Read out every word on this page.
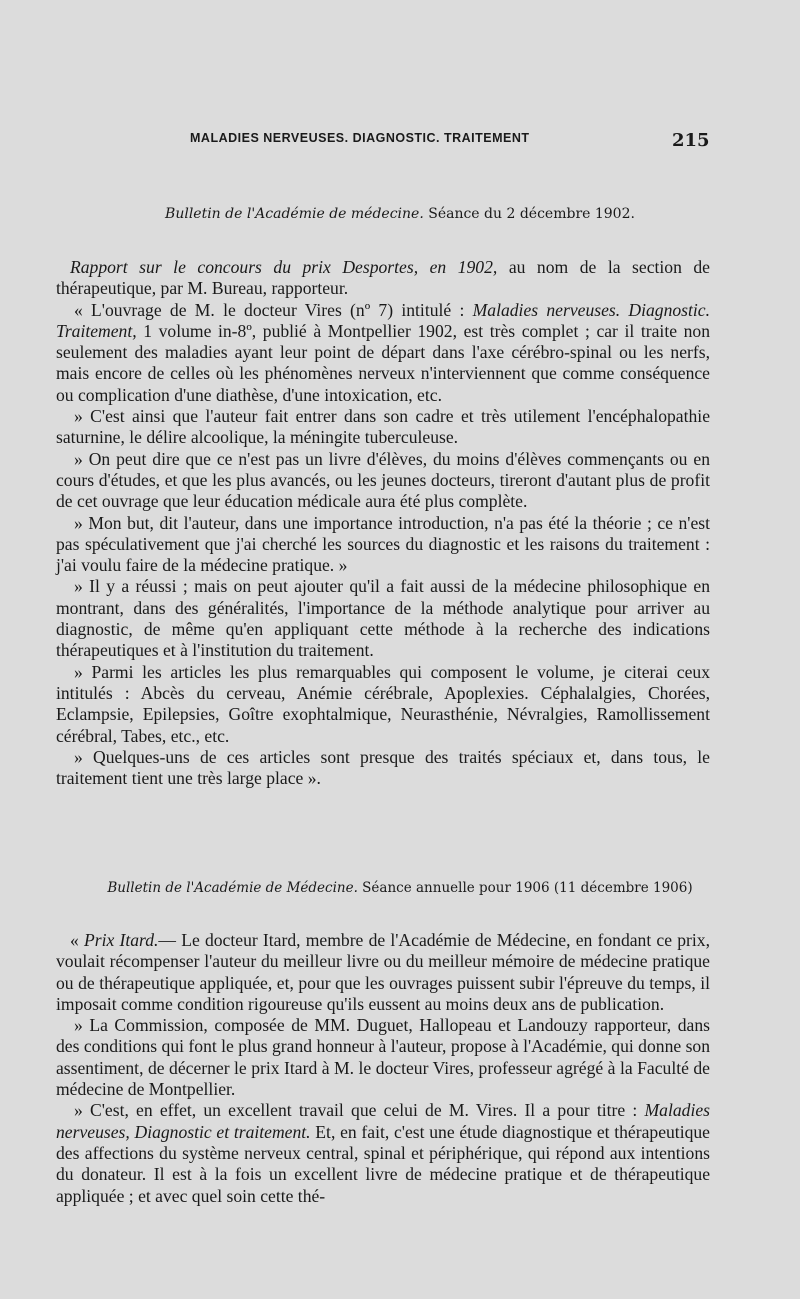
MALADIES NERVEUSES. DIAGNOSTIC. TRAITEMENT	215
Bulletin de l'Académie de médecine. Séance du 2 décembre 1902.

Rapport sur le concours du prix Desportes, en 1902, au nom de la section de thérapeutique, par M. Bureau, rapporteur.

« L'ouvrage de M. le docteur Vires (nº 7) intitulé : Maladies nerveuses. Diagnostic. Traitement, 1 volume in-8º, publié à Montpellier 1902, est très complet ; car il traite non seulement des maladies ayant leur point de départ dans l'axe cérébro-spinal ou les nerfs, mais encore de celles où les phénomènes nerveux n'interviennent que comme conséquence ou complication d'une diathèse, d'une intoxication, etc.

» C'est ainsi que l'auteur fait entrer dans son cadre et très utilement l'encéphalopathie saturnine, le délire alcoolique, la méningite tuberculeuse.

» On peut dire que ce n'est pas un livre d'élèves, du moins d'élèves commençants ou en cours d'études, et que les plus avancés, ou les jeunes docteurs, tireront d'autant plus de profit de cet ouvrage que leur éducation médicale aura été plus complète.

» Mon but, dit l'auteur, dans une importance introduction, n'a pas été la théorie ; ce n'est pas spéculativement que j'ai cherché les sources du diagnostic et les raisons du traitement : j'ai voulu faire de la médecine pratique. »

» Il y a réussi ; mais on peut ajouter qu'il a fait aussi de la médecine philosophique en montrant, dans des généralités, l'importance de la méthode analytique pour arriver au diagnostic, de même qu'en appliquant cette méthode à la recherche des indications thérapeutiques et à l'institution du traitement.

» Parmi les articles les plus remarquables qui composent le volume, je citerai ceux intitulés : Abcès du cerveau, Anémie cérébrale, Apoplexies. Céphalalgies, Chorées, Eclampsie, Epilepsies, Goître exophtalmique, Neurasthénie, Névralgies, Ramollissement cérébral, Tabes, etc., etc.

» Quelques-uns de ces articles sont presque des traités spéciaux et, dans tous, le traitement tient une très large place ».

Bulletin de l'Académie de Médecine. Séance annuelle pour 1906 (11 décembre 1906)

« Prix Itard.— Le docteur Itard, membre de l'Académie de Médecine, en fondant ce prix, voulait récompenser l'auteur du meilleur livre ou du meilleur mémoire de médecine pratique ou de thérapeutique appliquée, et, pour que les ouvrages puissent subir l'épreuve du temps, il imposait comme condition rigoureuse qu'ils eussent au moins deux ans de publication.

» La Commission, composée de MM. Duguet, Hallopeau et Landouzy rapporteur, dans des conditions qui font le plus grand honneur à l'auteur, propose à l'Académie, qui donne son assentiment, de décerner le prix Itard à M. le docteur Vires, professeur agrégé à la Faculté de médecine de Montpellier.

» C'est, en effet, un excellent travail que celui de M. Vires. Il a pour titre : Maladies nerveuses, Diagnostic et traitement. Et, en fait, c'est une étude diagnostique et thérapeutique des affections du système nerveux central, spinal et périphérique, qui répond aux intentions du donateur. Il est à la fois un excellent livre de médecine pratique et de thérapeutique appliquée ; et avec quel soin cette thé-
